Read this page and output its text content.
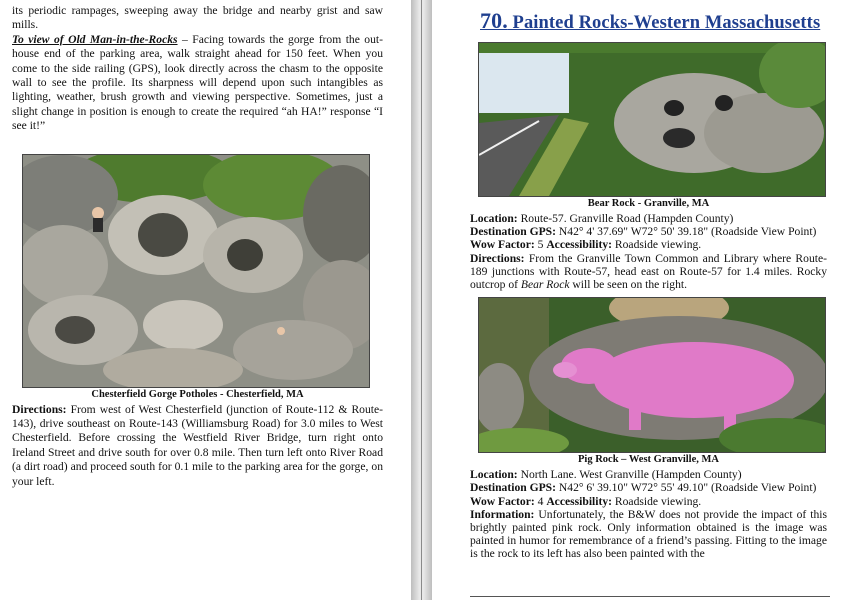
its periodic rampages, sweeping away the bridge and nearby grist and saw mills.
To view of Old Man-in-the-Rocks – Facing towards the gorge from the out-house end of the parking area, walk straight ahead for 150 feet. When you come to the side railing (GPS), look directly across the chasm to the opposite wall to see the profile. Its sharpness will depend upon such intangibles as lighting, weather, brush growth and viewing perspective. Sometimes, just a slight change in position is enough to create the required “ah HA!” response “I see it!”

Chesterfield Gorge Potholes - Chesterfield, MA

Directions: From west of West Chesterfield (junction of Route-112 & Route-143), drive southeast on Route-143 (Williamsburg Road) for 3.0 miles to West Chesterfield. Before crossing the Westfield River Bridge, turn right onto Ireland Street and drive south for over 0.8 mile. Then turn left onto River Road (a dirt road) and proceed south for 0.1 mile to the parking area for the gorge, on your left.

70. Painted Rocks-Western Massachusetts
Bear Rock - Granville, MA

Location: Route-57. Granville Road (Hampden County)

Destination GPS: N42° 4' 37.69" W72° 50' 39.18" (Roadside View Point)

Wow Factor: 5 Accessibility: Roadside viewing.

Directions: From the Granville Town Common and Library where Route-189 junctions with Route-57, head east on Route-57 for 1.4 miles. Rocky outcrop of Bear Rock will be seen on the right.

Pig Rock – West Granville, MA

Location: North Lane. West Granville (Hampden County)

Destination GPS: N42° 6' 39.10" W72° 55' 49.10" (Roadside View Point)

Wow Factor: 4 Accessibility: Roadside viewing.

Information: Unfortunately, the B&W does not provide the impact of this brightly painted pink rock. Only information obtained is the image was painted in humor for remembrance of a friend’s passing. Fitting to the image is the rock to its left has also been painted with the
